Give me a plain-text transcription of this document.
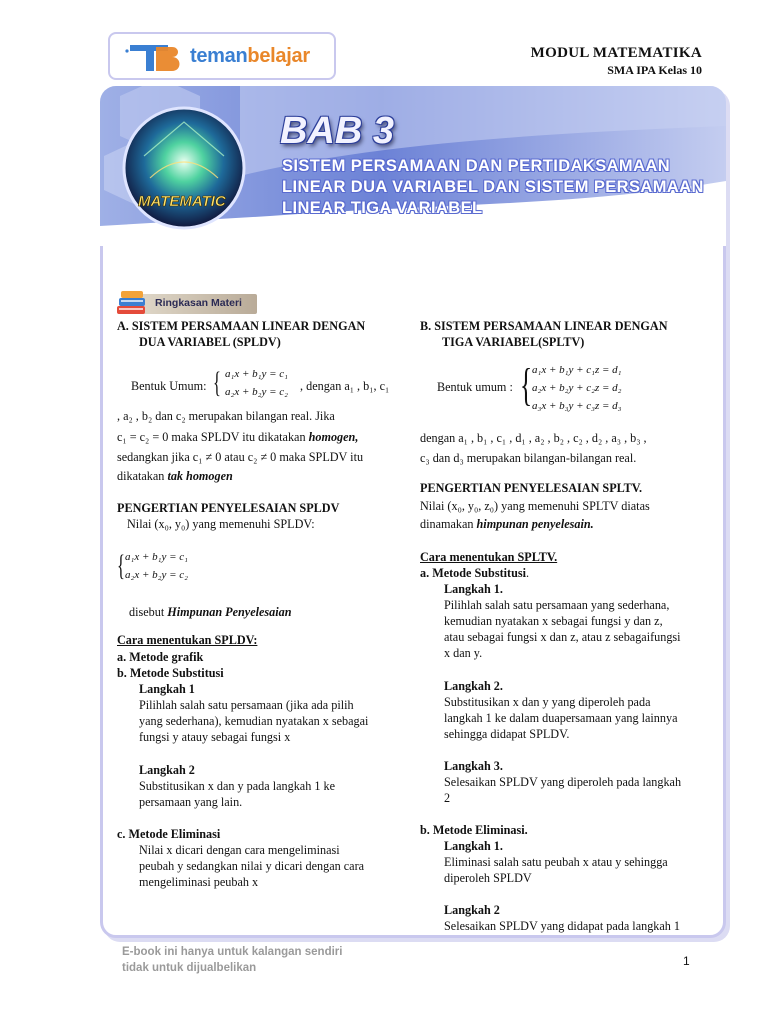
temanbelajar	MODUL MATEMATIKA
SMA IPA Kelas 10
MATEMATIC
BAB 3
SISTEM PERSAMAAN DAN PERTIDAKSAMAAN LINEAR DUA VARIABEL DAN SISTEM PERSAMAAN LINEAR TIGA VARIABEL
Ringkasan Materi
A. SISTEM PERSAMAAN LINEAR DENGAN
DUA VARIABEL (SPLDV)
Bentuk Umum: { a₁x + b₁y = c₁
a₂x + b₂y = c₂ , dengan a₁ , b₁, c₁
, a₂ , b₂ dan c₂ merupakan bilangan real. Jika
c₁ = c₂ = 0 maka SPLDV itu dikatakan homogen,
sedangkan jika c₁ ≠ 0 atau c₂ ≠ 0 maka SPLDV itu
dikatakan tak homogen
PENGERTIAN PENYELESAIAN SPLDV
Nilai (x₀, y₀) yang memenuhi SPLDV:
{ a₁x + b₁y = c₁
a₂x + b₂y = c₂
disebut Himpunan Penyelesaian
Cara menentukan SPLDV:
a. Metode grafik
b. Metode Substitusi
Langkah 1
Pilihlah salah satu persamaan (jika ada pilih
yang sederhana), kemudian nyatakan x sebagai
fungsi y atauy sebagai fungsi x
Langkah 2
Substitusikan x dan y pada langkah 1 ke
persamaan yang lain.
c. Metode Eliminasi
Nilai x dicari dengan cara mengeliminasi
peubah y sedangkan nilai y dicari dengan cara
mengeliminasi peubah x
B. SISTEM PERSAMAAN LINEAR DENGAN
TIGA VARIABEL(SPLTV)
Bentuk umum : { a₁x + b₁y + c₁z = d₁
a₂x + b₂y + c₂z = d₂
a₃x + b₃y + c₃z = d₃
dengan a₁ , b₁ , c₁ , d₁ , a₂ , b₂ , c₂ , d₂ , a₃ , b₃ ,
c₃ dan d₃ merupakan bilangan-bilangan real.
PENGERTIAN PENYELESAIAN SPLTV.
Nilai (x₀, y₀, z₀) yang memenuhi SPLTV diatas
dinamakan himpunan penyelesain.
Cara menentukan SPLTV.
a. Metode Substitusi.
Langkah 1.
Pilihlah salah satu persamaan yang sederhana,
kemudian nyatakan x sebagai fungsi y dan z,
atau sebagai fungsi x dan z, atau z sebagaifungsi
x dan y.
Langkah 2.
Substitusikan x dan y yang diperoleh pada
langkah 1 ke dalam duapersamaan yang lainnya
sehingga didapat SPLDV.
Langkah 3.
Selesaikan SPLDV yang diperoleh pada langkah
2
b. Metode Eliminasi.
Langkah 1.
Eliminasi salah satu peubah x atau y sehingga
diperoleh SPLDV
Langkah 2
Selesaikan SPLDV yang didapat pada langkah 1
E-book ini hanya untuk kalangan sendiri
tidak untuk dijualbelikan	1
